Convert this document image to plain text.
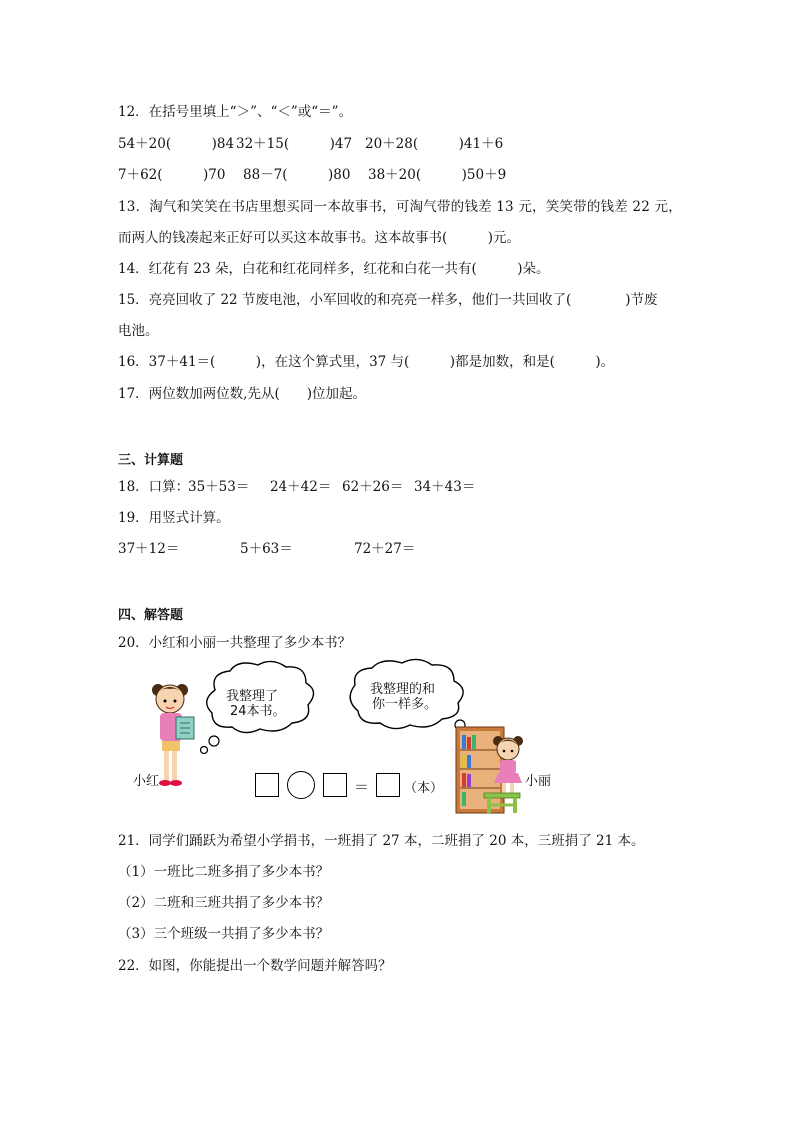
12．在括号里填上“＞”、“＜”或“＝”。
54＋20(　　　)84 32＋15(　　　)47 20＋28(　　　)41＋6
7＋62(　　　)70 88－7(　　　)80 38＋20(　　　)50＋9
13．淘气和笑笑在书店里想买同一本故事书，可淘气带的钱差 13 元，笑笑带的钱差 22 元，
而两人的钱凑起来正好可以买这本故事书。这本故事书(　　　)元。
14．红花有 23 朵，白花和红花同样多，红花和白花一共有(　　　)朵。
15．亮亮回收了 22 节废电池，小军回收的和亮亮一样多，他们一共回收了(　　　　)节废
电池。
16．37＋41＝(　　　)，在这个算式里，37 与(　　　)都是加数，和是(　　　)。
17．两位数加两位数,先从(　　)位加起。
三、计算题
18．口算：35＋53＝ 24＋42＝ 62＋26＝ 34＋43＝
19．用竖式计算。
37＋12＝	5＋63＝	72＋27＝
四、解答题
20．小红和小丽一共整理了多少本书？
我整理了
24本书。
我整理的和
你一样多。
小红	小丽
＝	（本）
21．同学们踊跃为希望小学捐书，一班捐了 27 本，二班捐了 20 本，三班捐了 21 本。
（1）一班比二班多捐了多少本书？
（2）二班和三班共捐了多少本书？
（3）三个班级一共捐了多少本书？
22．如图，你能提出一个数学问题并解答吗？
